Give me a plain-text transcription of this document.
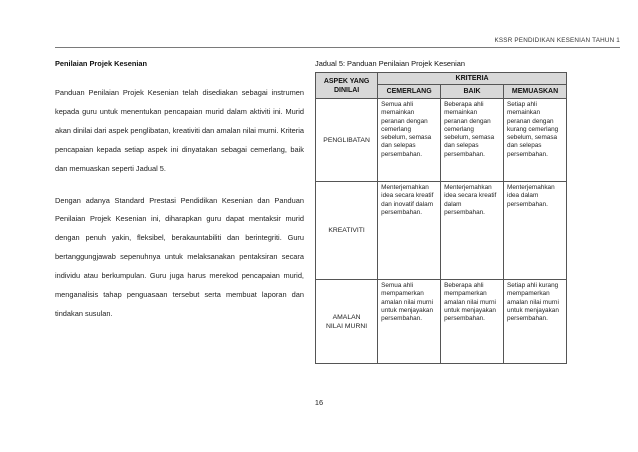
KSSR PENDIDIKAN KESENIAN TAHUN 1
Penilaian Projek Kesenian

Panduan Penilaian Projek Kesenian telah disediakan sebagai instrumen kepada guru untuk menentukan pencapaian murid dalam aktiviti ini. Murid akan dinilai dari aspek penglibatan, kreativiti dan amalan nilai murni. Kriteria pencapaian kepada setiap aspek ini dinyatakan sebagai cemerlang, baik dan memuaskan seperti Jadual 5.

Dengan adanya Standard Prestasi Pendidikan Kesenian dan Panduan Penilaian Projek Kesenian ini, diharapkan guru dapat mentaksir murid dengan penuh yakin, fleksibel, berakauntabiliti dan berintegriti. Guru bertanggungjawab sepenuhnya untuk melaksanakan pentaksiran secara individu atau berkumpulan. Guru juga harus merekod pencapaian murid, menganalisis tahap penguasaan tersebut serta membuat laporan dan tindakan susulan.

Jadual 5: Panduan Penilaian Projek Kesenian
ASPEK YANG DINILAI	KRITERIA		
	CEMERLANG	BAIK	MEMUASKAN
PENGLIBATAN	Semua ahli memainkan peranan dengan cemerlang sebelum, semasa dan selepas persembahan.	Beberapa ahli memainkan peranan dengan cemerlang sebelum, semasa dan selepas persembahan.	Setiap ahli memainkan peranan dengan kurang cemerlang sebelum, semasa dan selepas persembahan.

KREATIVITI	Menterjemahkan idea secara kreatif dan inovatif dalam persembahan.	Menterjemahkan idea secara kreatif dalam persembahan.	Menterjemahkan idea dalam persembahan.

AMALAN NILAI MURNI	Semua ahli mempamerkan amalan nilai murni untuk menjayakan persembahan.	Beberapa ahli mempamerkan amalan nilai murni untuk menjayakan persembahan.	Setiap ahli kurang mempamerkan amalan nilai murni untuk menjayakan persembahan.
16
